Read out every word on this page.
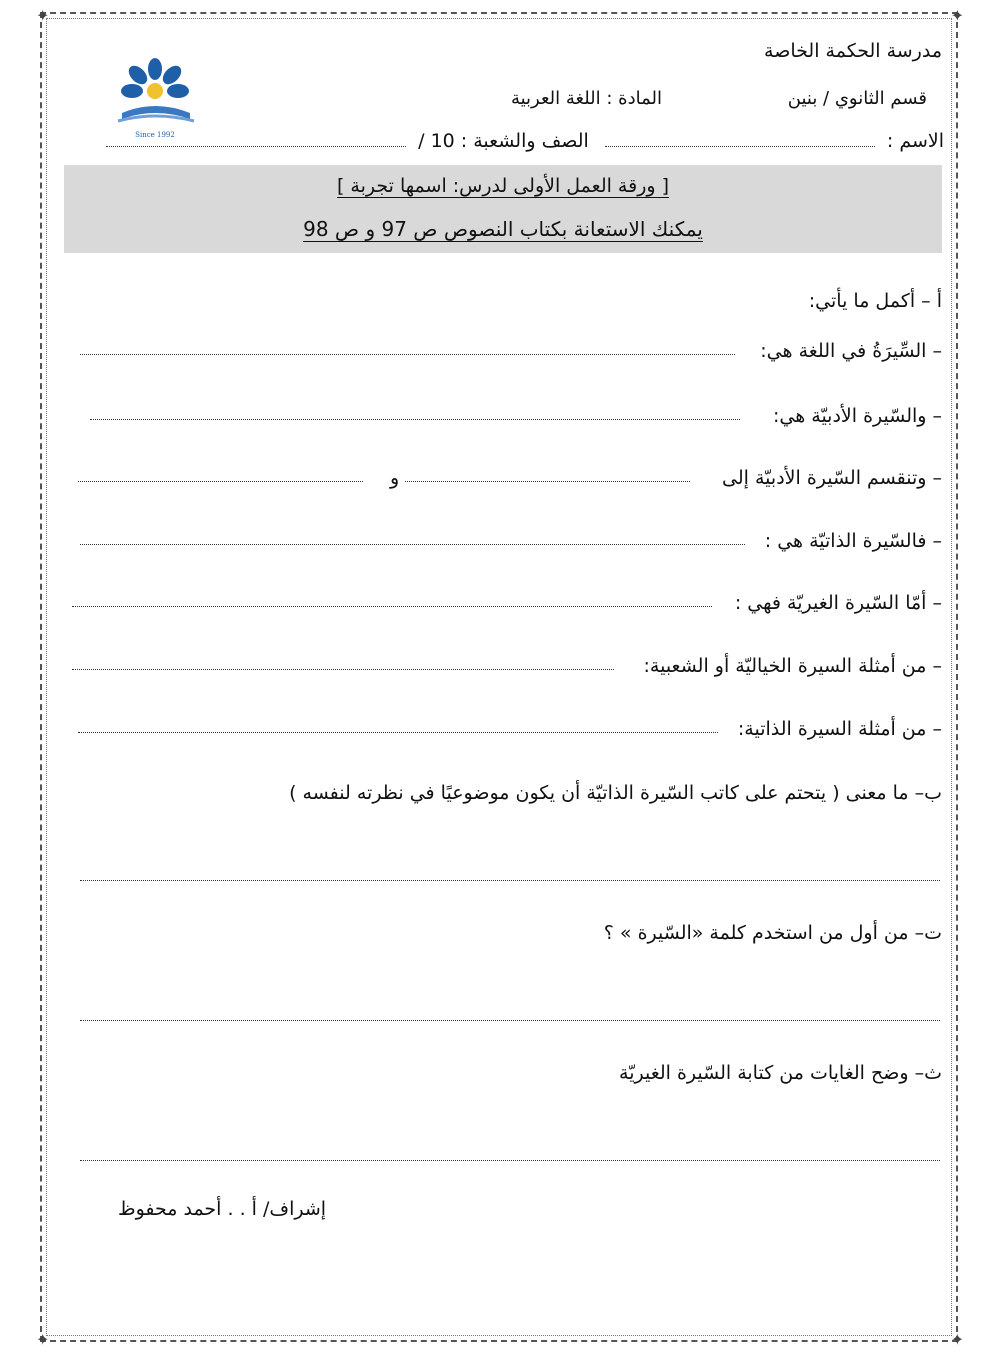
✦	✦
✦	✦
Since 1992
مدرسة الحكمة الخاصة
قسم الثانوي / بنين
المادة : اللغة العربية
الاسم :  الصف والشعبة : 10 /
[ ورقة العمل الأولى لدرس: اسمها تجربة ]
يمكنك الاستعانة بكتاب النصوص ص 97 و ص 98
أ – أكمل ما يأتي:
– السِّيرَةُ في اللغة هي:
– والسّيرة الأدبيّة هي:
– وتنقسم السّيرة الأدبيّة إلى
و
– فالسّيرة الذاتيّة هي :
– أمّا السّيرة الغيريّة فهي :
– من أمثلة السيرة الخياليّة أو الشعبية:
– من أمثلة السيرة الذاتية:
ب– ما معنى ( يتحتم على كاتب السّيرة الذاتيّة أن يكون موضوعيًا في نظرته لنفسه )
ت– من أول من استخدم كلمة «السّيرة » ؟
ث– وضح الغايات من كتابة السّيرة الغيريّة
إشراف/ أ . . أحمد محفوظ
